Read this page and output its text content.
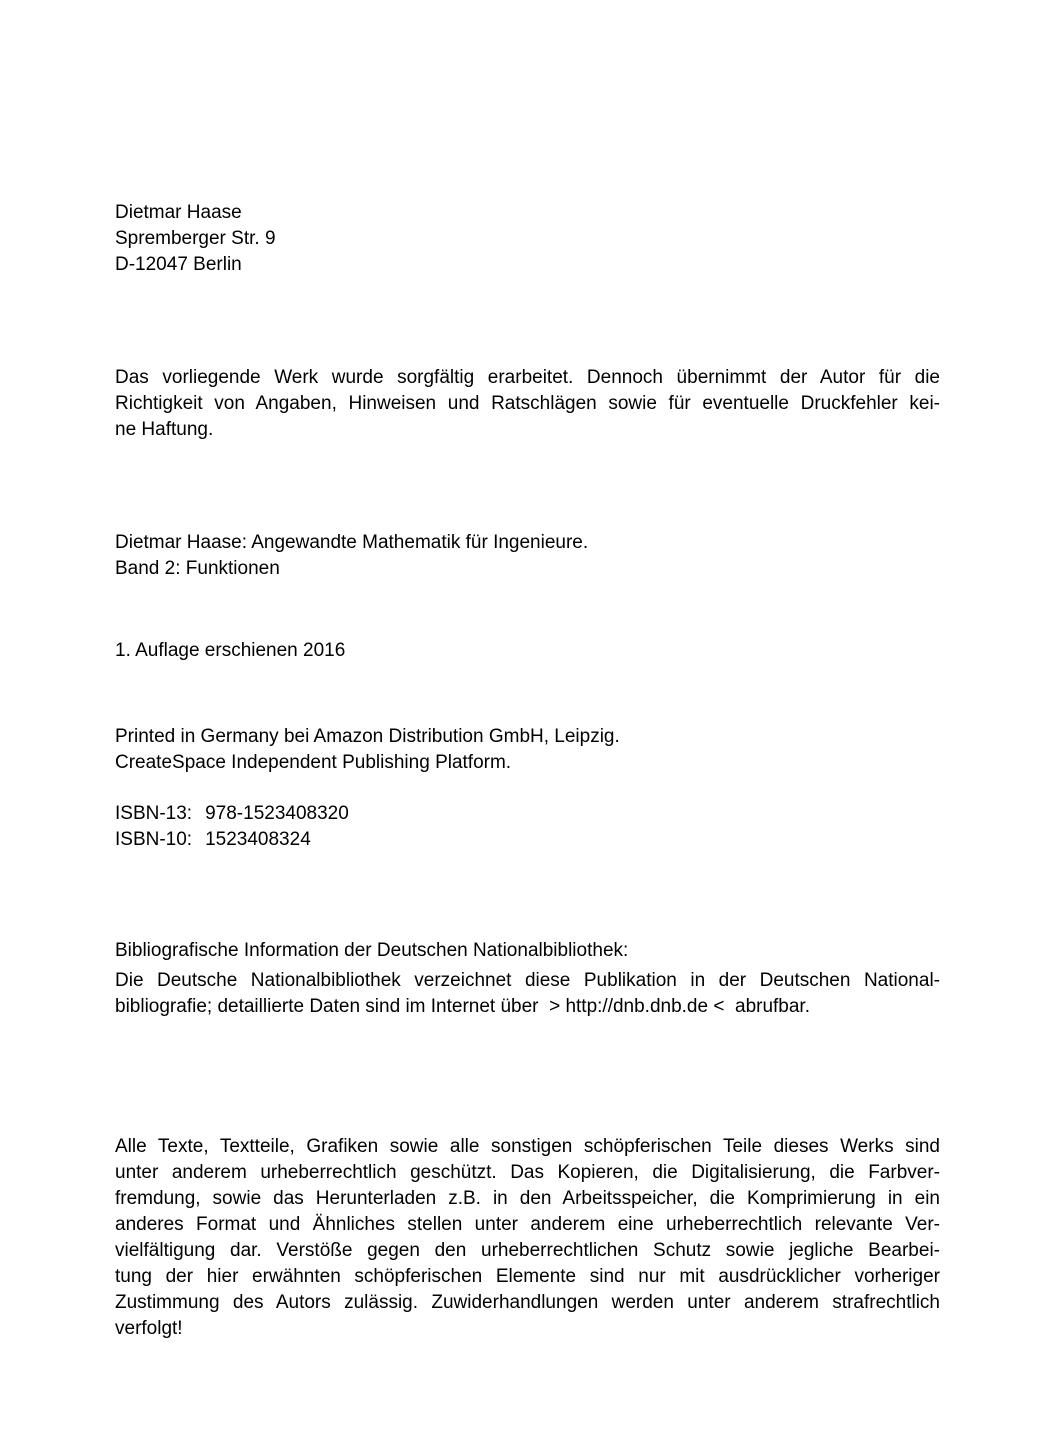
Dietmar Haase
Spremberger Str. 9
D-12047 Berlin
Das vorliegende Werk wurde sorgfältig erarbeitet. Dennoch übernimmt der Autor für die
Richtigkeit von Angaben, Hinweisen und Ratschlägen sowie für eventuelle Druckfehler kei-
ne Haftung.
Dietmar Haase: Angewandte Mathematik für Ingenieure.
Band 2: Funktionen
1. Auflage erschienen 2016
Printed in Germany bei Amazon Distribution GmbH, Leipzig.
CreateSpace Independent Publishing Platform.
ISBN-13: 978-1523408320
ISBN-10: 1523408324
Bibliografische Information der Deutschen Nationalbibliothek:
Die Deutsche Nationalbibliothek verzeichnet diese Publikation in der Deutschen National-
bibliografie; detaillierte Daten sind im Internet über  > http://dnb.dnb.de <  abrufbar.
Alle Texte, Textteile, Grafiken sowie alle sonstigen schöpferischen Teile dieses Werks sind
unter anderem urheberrechtlich geschützt. Das Kopieren, die Digitalisierung, die Farbver-
fremdung, sowie das Herunterladen z.B. in den Arbeitsspeicher, die Komprimierung in ein
anderes Format und Ähnliches stellen unter anderem eine urheberrechtlich relevante Ver-
vielfältigung dar. Verstöße gegen den urheberrechtlichen Schutz sowie jegliche Bearbei-
tung der hier erwähnten schöpferischen Elemente sind nur mit ausdrücklicher vorheriger
Zustimmung des Autors zulässig. Zuwiderhandlungen werden unter anderem strafrechtlich
verfolgt!
